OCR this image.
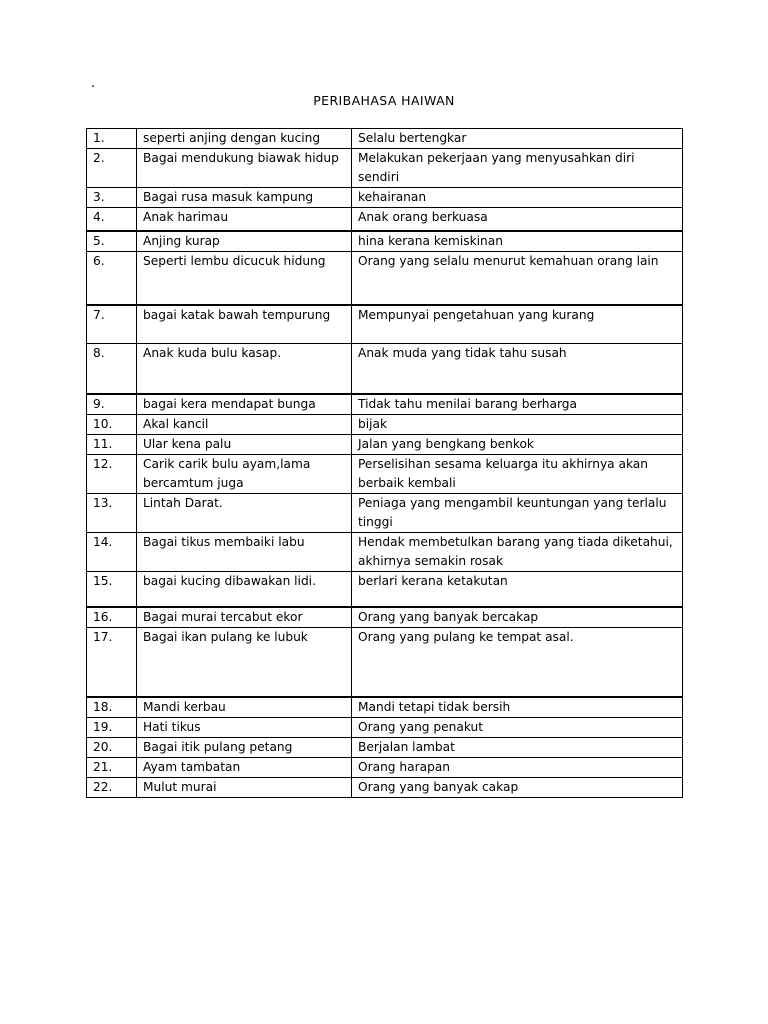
.
PERIBAHASA HAIWAN
1.	seperti anjing dengan kucing	Selalu bertengkar
2.	Bagai mendukung biawak hidup	Melakukan pekerjaan yang menyusahkan diri sendiri
3.	Bagai rusa masuk kampung	kehairanan
4.	Anak harimau	Anak orang berkuasa
5.	Anjing kurap	hina kerana kemiskinan
6.	Seperti lembu dicucuk hidung	Orang yang selalu menurut kemahuan orang lain
7.	bagai katak bawah tempurung	Mempunyai pengetahuan yang kurang
8.	Anak kuda bulu kasap.	Anak muda yang tidak tahu susah
9.	bagai kera mendapat bunga	Tidak tahu menilai barang berharga
10.	Akal kancil	bijak
11.	Ular kena palu	Jalan yang bengkang benkok
12.	Carik carik bulu ayam,lama bercamtum juga	Perselisihan sesama keluarga itu akhirnya akan berbaik kembali
13.	Lintah Darat.	Peniaga yang mengambil keuntungan yang terlalu tinggi
14.	Bagai tikus membaiki labu	Hendak membetulkan barang yang tiada diketahui, akhirnya semakin rosak
15.	bagai kucing dibawakan lidi.	berlari kerana ketakutan
16.	Bagai murai tercabut ekor	Orang yang banyak bercakap
17.	Bagai ikan pulang ke lubuk	Orang yang pulang ke tempat asal.
18.	Mandi kerbau	Mandi tetapi tidak bersih
19.	Hati tikus	Orang yang penakut
20.	Bagai itik pulang petang	Berjalan lambat
21.	Ayam tambatan	Orang harapan
22.	Mulut murai	Orang yang banyak cakap
